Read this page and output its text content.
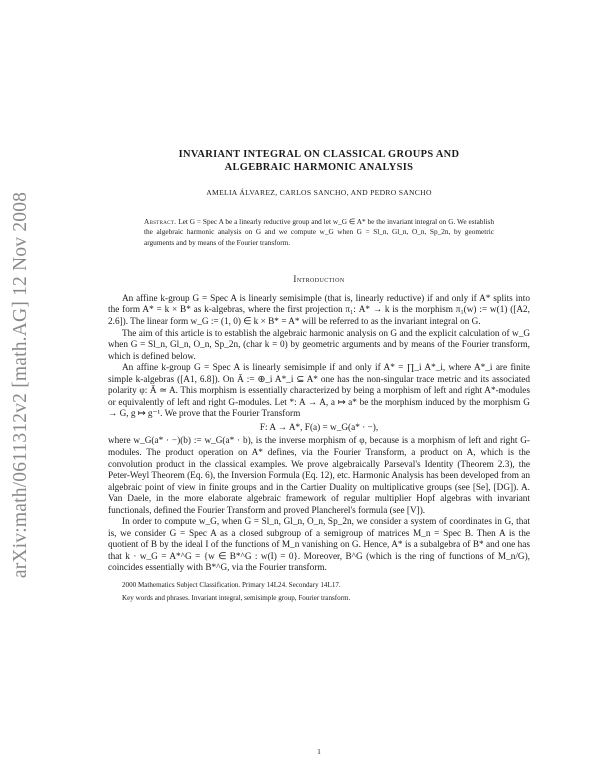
arXiv:math/0611312v2 [math.AG] 12 Nov 2008
INVARIANT INTEGRAL ON CLASSICAL GROUPS AND
ALGEBRAIC HARMONIC ANALYSIS
AMELIA ÁLVAREZ, CARLOS SANCHO, AND PEDRO SANCHO
Abstract. Let G = Spec A be a linearly reductive group and let w_G ∈ A* be the invariant integral on G. We establish the algebraic harmonic analysis on G and we compute w_G when G = Sl_n, Gl_n, O_n, Sp_2n, by geometric arguments and by means of the Fourier transform.
Introduction

An affine k-group G = Spec A is linearly semisimple (that is, linearly reductive) if and only if A* splits into the form A* = k × B* as k-algebras, where the first projection π₁: A* → k is the morphism π₁(w) := w(1) ([A2, 2.6]). The linear form w_G := (1, 0) ∈ k × B* = A* will be referred to as the invariant integral on G.

The aim of this article is to establish the algebraic harmonic analysis on G and the explicit calculation of w_G when G = Sl_n, Gl_n, O_n, Sp_2n, (char k = 0) by geometric arguments and by means of the Fourier transform, which is defined below.

An affine k-group G = Spec A is linearly semisimple if and only if A* = ∏_i A*_i, where A*_i are finite simple k-algebras ([A1, 6.8]). On Ā := ⊕_i A*_i ⊆ A* one has the non-singular trace metric and its associated polarity φ: Ā ≃ A. This morphism is essentially characterized by being a morphism of left and right A*-modules or equivalently of left and right G-modules. Let *: A → A, a ↦ a* be the morphism induced by the morphism G → G, g ↦ g⁻¹. We prove that the Fourier Transform

F: A → A*, F(a) = w_G(a* · −),

where w_G(a* · −)(b) := w_G(a* · b), is the inverse morphism of φ, because is a morphism of left and right G-modules. The product operation on A* defines, via the Fourier Transform, a product on A, which is the convolution product in the classical examples. We prove algebraically Parseval's Identity (Theorem 2.3), the Peter-Weyl Theorem (Eq. 6), the Inversion Formula (Eq. 12), etc. Harmonic Analysis has been developed from an algebraic point of view in finite groups and in the Cartier Duality on multiplicative groups (see [Se], [DG]). A. Van Daele, in the more elaborate algebraic framework of regular multiplier Hopf algebras with invariant functionals, defined the Fourier Transform and proved Plancherel's formula (see [V]).

In order to compute w_G, when G = Sl_n, Gl_n, O_n, Sp_2n, we consider a system of coordinates in G, that is, we consider G = Spec A as a closed subgroup of a semigroup of matrices M_n = Spec B. Then A is the quotient of B by the ideal I of the functions of M_n vanishing on G. Hence, A* is a subalgebra of B* and one has that k · w_G = A*^G = {w ∈ B*^G : w(I) = 0}. Moreover, B^G (which is the ring of functions of M_n/G), coincides essentially with B*^G, via the Fourier transform.

2000 Mathematics Subject Classification. Primary 14L24. Secondary 14L17.
Key words and phrases. Invariant integral, semisimple group, Fourier transform.
1
